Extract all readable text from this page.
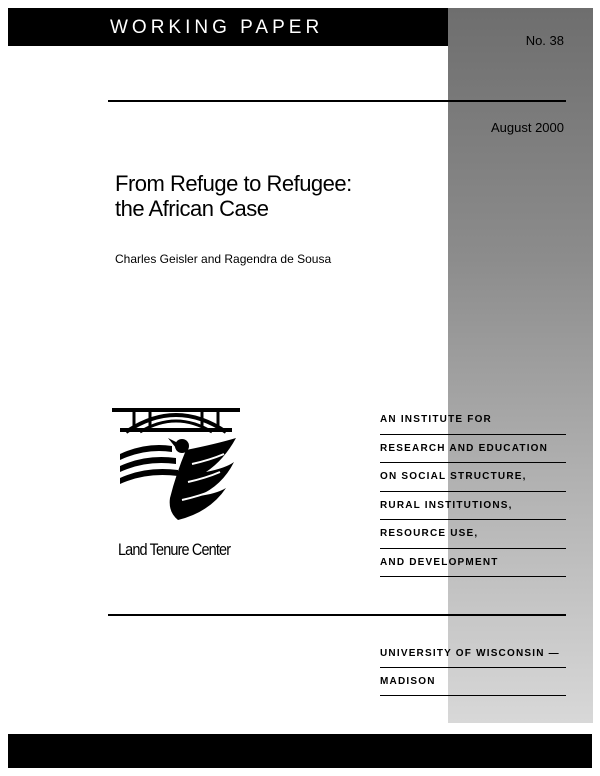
WORKING PAPER
No. 38
August 2000
From Refuge to Refugee:
the African Case
Charles Geisler and Ragendra de Sousa
Land Tenure Center
AN INSTITUTE FOR
RESEARCH AND EDUCATION
ON SOCIAL STRUCTURE,
RURAL INSTITUTIONS,
RESOURCE USE,
AND DEVELOPMENT
UNIVERSITY OF WISCONSIN —
MADISON
